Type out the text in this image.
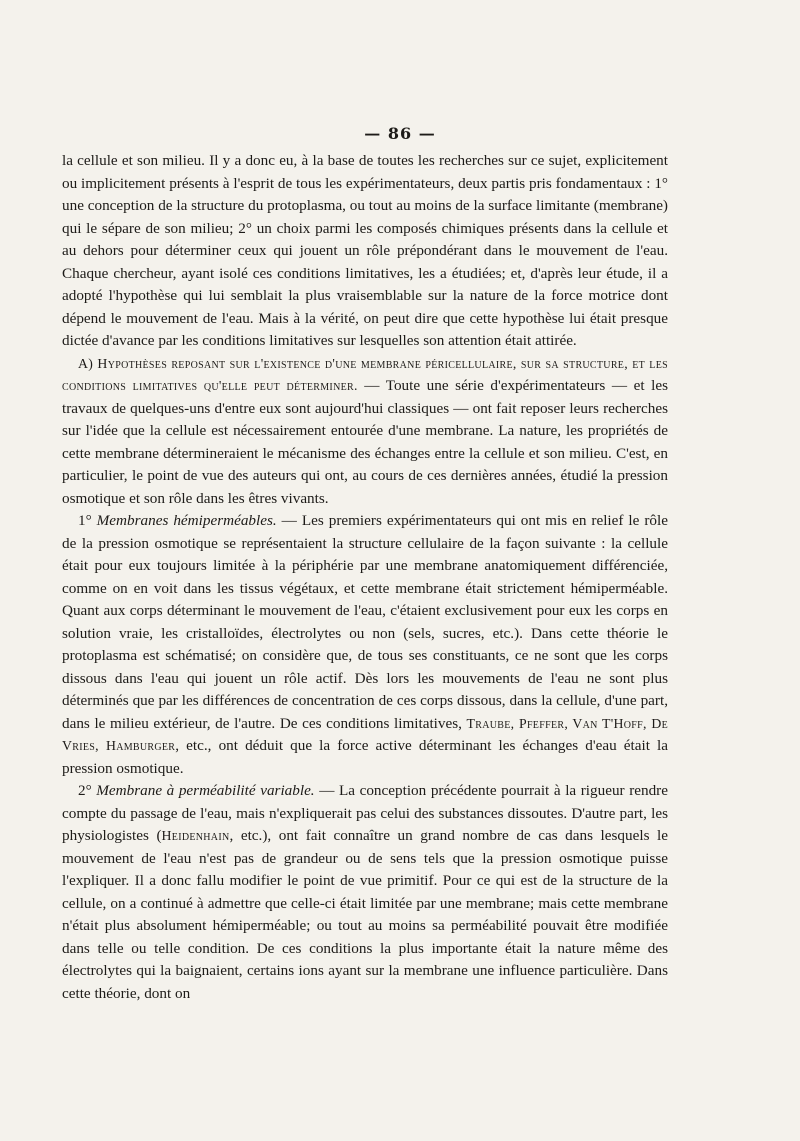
— 86 —

la cellule et son milieu. Il y a donc eu, à la base de toutes les recherches sur ce sujet, explicitement ou implicitement présents à l'esprit de tous les expérimentateurs, deux partis pris fondamentaux : 1° une conception de la structure du protoplasma, ou tout au moins de la surface limitante (membrane) qui le sépare de son milieu; 2° un choix parmi les composés chimiques présents dans la cellule et au dehors pour déterminer ceux qui jouent un rôle prépondérant dans le mouvement de l'eau. Chaque chercheur, ayant isolé ces conditions limitatives, les a étudiées; et, d'après leur étude, il a adopté l'hypothèse qui lui semblait la plus vraisemblable sur la nature de la force motrice dont dépend le mouvement de l'eau. Mais à la vérité, on peut dire que cette hypothèse lui était presque dictée d'avance par les conditions limitatives sur lesquelles son attention était attirée.

A) Hypothèses reposant sur l'existence d'une membrane péricellulaire, sur sa structure, et les conditions limitatives qu'elle peut déterminer. — Toute une série d'expérimentateurs — et les travaux de quelques-uns d'entre eux sont aujourd'hui classiques — ont fait reposer leurs recherches sur l'idée que la cellule est nécessairement entourée d'une membrane. La nature, les propriétés de cette membrane détermineraient le mécanisme des échanges entre la cellule et son milieu. C'est, en particulier, le point de vue des auteurs qui ont, au cours de ces dernières années, étudié la pression osmotique et son rôle dans les êtres vivants.

1° Membranes hémiperméables. — Les premiers expérimentateurs qui ont mis en relief le rôle de la pression osmotique se représentaient la structure cellulaire de la façon suivante : la cellule était pour eux toujours limitée à la périphérie par une membrane anatomiquement différenciée, comme on en voit dans les tissus végétaux, et cette membrane était strictement hémiperméable. Quant aux corps déterminant le mouvement de l'eau, c'étaient exclusivement pour eux les corps en solution vraie, les cristalloïdes, électrolytes ou non (sels, sucres, etc.). Dans cette théorie le protoplasma est schématisé; on considère que, de tous ses constituants, ce ne sont que les corps dissous dans l'eau qui jouent un rôle actif. Dès lors les mouvements de l'eau ne sont plus déterminés que par les différences de concentration de ces corps dissous, dans la cellule, d'une part, dans le milieu extérieur, de l'autre. De ces conditions limitatives, Traube, Pfeffer, Van T'Hoff, De Vries, Hamburger, etc., ont déduit que la force active déterminant les échanges d'eau était la pression osmotique.

2° Membrane à perméabilité variable. — La conception précédente pourrait à la rigueur rendre compte du passage de l'eau, mais n'expliquerait pas celui des substances dissoutes. D'autre part, les physiologistes (Heidenhain, etc.), ont fait connaître un grand nombre de cas dans lesquels le mouvement de l'eau n'est pas de grandeur ou de sens tels que la pression osmotique puisse l'expliquer. Il a donc fallu modifier le point de vue primitif. Pour ce qui est de la structure de la cellule, on a continué à admettre que celle-ci était limitée par une membrane; mais cette membrane n'était plus absolument hémiperméable; ou tout au moins sa perméabilité pouvait être modifiée dans telle ou telle condition. De ces conditions la plus importante était la nature même des électrolytes qui la baignaient, certains ions ayant sur la membrane une influence particulière. Dans cette théorie, dont on
